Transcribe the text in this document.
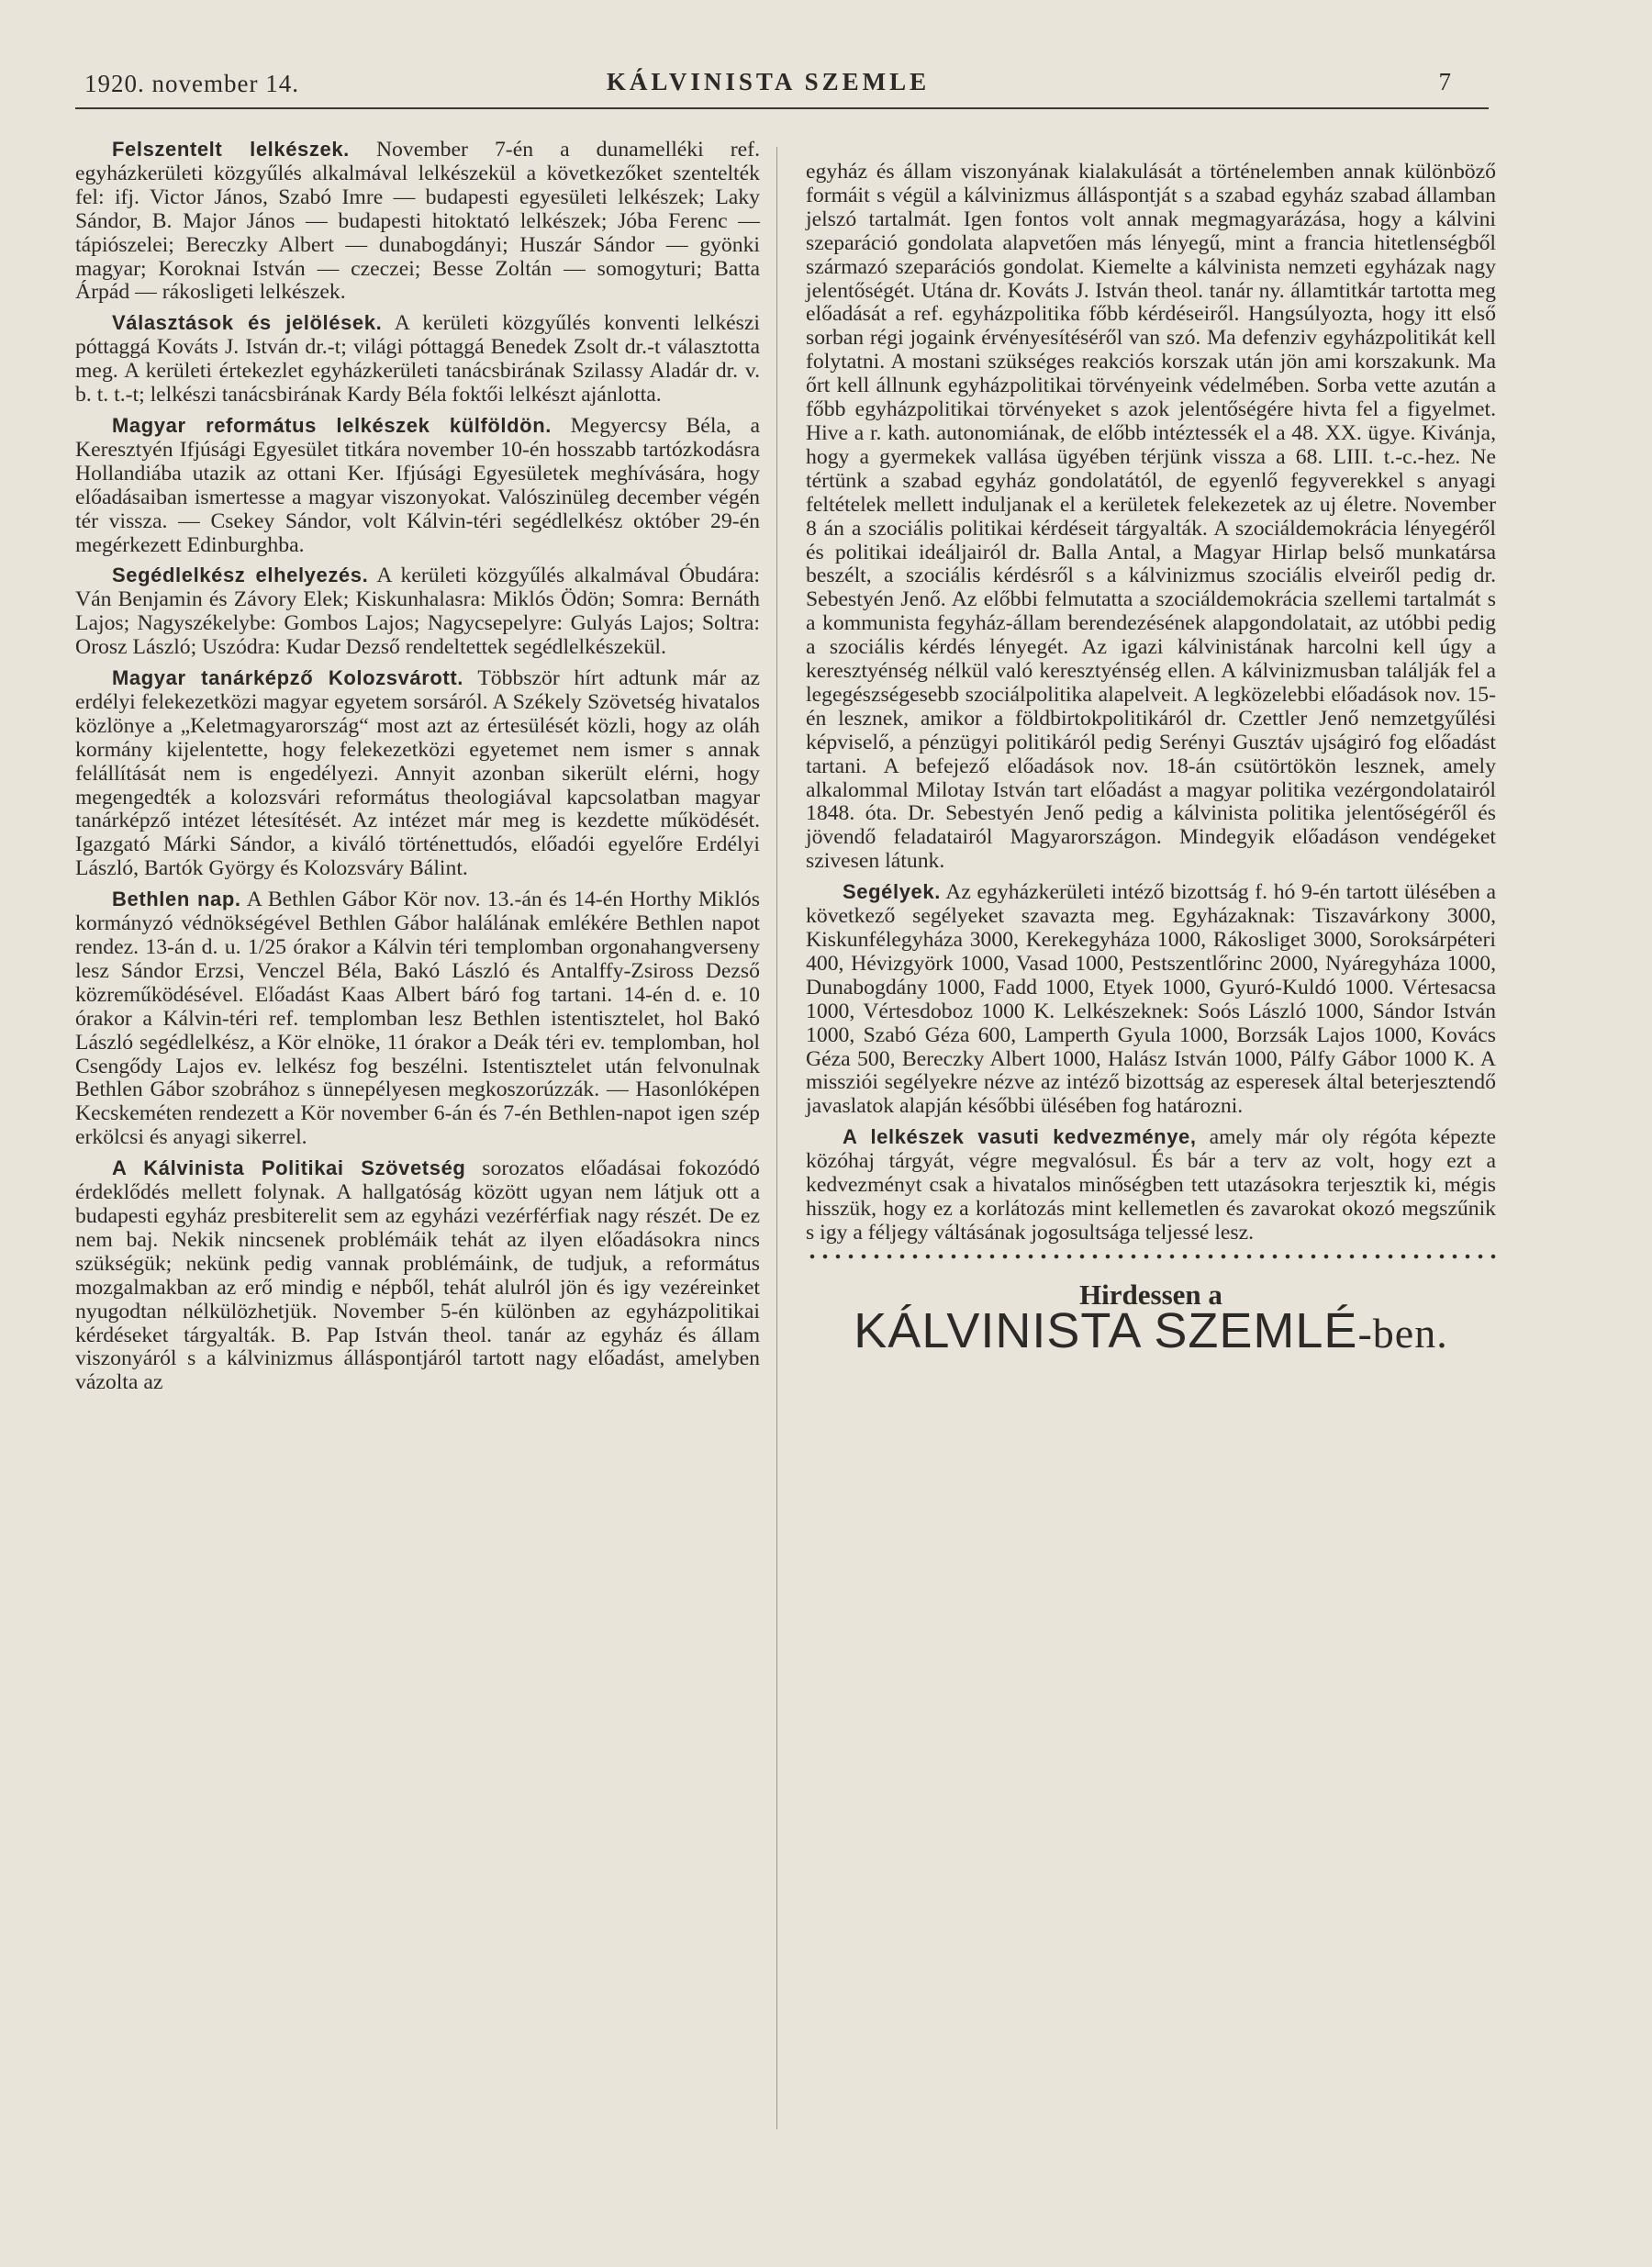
1920. november 14.	KÁLVINISTA SZEMLE	7

Felszentelt lelkészek. November 7-én a dunamelléki ref. egyházkerületi közgyűlés alkalmával lelkészekül a következőket szentelték fel: ifj. Victor János, Szabó Imre — budapesti egyesületi lelkészek; Laky Sándor, B. Major János — budapesti hitoktató lelkészek; Jóba Ferenc — tápiószelei; Bereczky Albert — dunabogdányi; Huszár Sándor — gyönki magyar; Koroknai István — czeczei; Besse Zoltán — somogyturi; Batta Árpád — rákosligeti lelkészek.

Választások és jelölések. A kerületi közgyűlés konventi lelkészi póttaggá Kováts J. István dr.-t; világi póttaggá Benedek Zsolt dr.-t választotta meg. A kerületi értekezlet egyházkerületi tanácsbirának Szilassy Aladár dr. v. b. t. t.-t; lelkészi tanácsbirának Kardy Béla foktői lelkészt ajánlotta.

Magyar református lelkészek külföldön. Megyercsy Béla, a Keresztyén Ifjúsági Egyesület titkára november 10-én hosszabb tartózkodásra Hollandiába utazik az ottani Ker. Ifjúsági Egyesületek meghívására, hogy előadásaiban ismertesse a magyar viszonyokat. Valószinüleg december végén tér vissza. — Csekey Sándor, volt Kálvin-téri segédlelkész október 29-én megérkezett Edinburghba.

Segédlelkész elhelyezés. A kerületi közgyűlés alkalmával Óbudára: Ván Benjamin és Závory Elek; Kiskunhalasra: Miklós Ödön; Somra: Bernáth Lajos; Nagyszékelybe: Gombos Lajos; Nagycsepelyre: Gulyás Lajos; Soltra: Orosz László; Uszódra: Kudar Dezső rendeltettek segédlelkészekül.

Magyar tanárképző Kolozsvárott. Többször hírt adtunk már az erdélyi felekezetközi magyar egyetem sorsáról. A Székely Szövetség hivatalos közlönye a „Keletmagyarország“ most azt az értesülését közli, hogy az oláh kormány kijelentette, hogy felekezetközi egyetemet nem ismer s annak felállítását nem is engedélyezi. Annyit azonban sikerült elérni, hogy megengedték a kolozsvári református theologiával kapcsolatban magyar tanárképző intézet létesítését. Az intézet már meg is kezdette működését. Igazgató Márki Sándor, a kiváló történettudós, előadói egyelőre Erdélyi László, Bartók György és Kolozsváry Bálint.

Bethlen nap. A Bethlen Gábor Kör nov. 13.-án és 14-én Horthy Miklós kormányzó védnökségével Bethlen Gábor halálának emlékére Bethlen napot rendez. 13-án d. u. 1/25 órakor a Kálvin téri templomban orgonahangverseny lesz Sándor Erzsi, Venczel Béla, Bakó László és Antalffy-Zsiross Dezső közreműködésével. Előadást Kaas Albert báró fog tartani. 14-én d. e. 10 órakor a Kálvin-téri ref. templomban lesz Bethlen istentisztelet, hol Bakó László segédlelkész, a Kör elnöke, 11 órakor a Deák téri ev. templomban, hol Csengődy Lajos ev. lelkész fog beszélni. Istentisztelet után felvonulnak Bethlen Gábor szobrához s ünnepélyesen megkoszorúzzák. — Hasonlóképen Kecskeméten rendezett a Kör november 6-án és 7-én Bethlen-napot igen szép erkölcsi és anyagi sikerrel.

A Kálvinista Politikai Szövetség sorozatos előadásai fokozódó érdeklődés mellett folynak. A hallgatóság között ugyan nem látjuk ott a budapesti egyház presbiterelit sem az egyházi vezérférfiak nagy részét. De ez nem baj. Nekik nincsenek problémáik tehát az ilyen előadásokra nincs szükségük; nekünk pedig vannak problémáink, de tudjuk, a református mozgalmakban az erő mindig e népből, tehát alulról jön és igy vezéreinket nyugodtan nélkülözhetjük. November 5-én különben az egyházpolitikai kérdéseket tárgyalták. B. Pap István theol. tanár az egyház és állam viszonyáról s a kálvinizmus álláspontjáról tartott nagy előadást, amelyben vázolta az

egyház és állam viszonyának kialakulását a történelemben annak különböző formáit s végül a kálvinizmus álláspontját s a szabad egyház szabad államban jelszó tartalmát. Igen fontos volt annak megmagyarázása, hogy a kálvini szeparáció gondolata alapvetően más lényegű, mint a francia hitetlenségből származó szeparációs gondolat. Kiemelte a kálvinista nemzeti egyházak nagy jelentőségét. Utána dr. Kováts J. István theol. tanár ny. államtitkár tartotta meg előadását a ref. egyházpolitika főbb kérdéseiről. Hangsúlyozta, hogy itt első sorban régi jogaink érvényesítéséről van szó. Ma defenziv egyházpolitikát kell folytatni. A mostani szükséges reakciós korszak után jön ami korszakunk. Ma őrt kell állnunk egyházpolitikai törvényeink védelmében. Sorba vette azután a főbb egyházpolitikai törvényeket s azok jelentőségére hivta fel a figyelmet. Hive a r. kath. autonomiának, de előbb intéztessék el a 48. XX. ügye. Kivánja, hogy a gyermekek vallása ügyében térjünk vissza a 68. LIII. t.-c.-hez. Ne tértünk a szabad egyház gondolatától, de egyenlő fegyverekkel s anyagi feltételek mellett induljanak el a kerületek felekezetek az uj életre. November 8 án a szociális politikai kérdéseit tárgyalták. A szociáldemokrácia lényegéről és politikai ideáljairól dr. Balla Antal, a Magyar Hirlap belső munkatársa beszélt, a szociális kérdésről s a kálvinizmus szociális elveiről pedig dr. Sebestyén Jenő. Az előbbi felmutatta a szociáldemokrácia szellemi tartalmát s a kommunista fegyház-állam berendezésének alapgondolatait, az utóbbi pedig a szociális kérdés lényegét. Az igazi kálvinistának harcolni kell úgy a keresztyénség nélkül való keresztyénség ellen. A kálvinizmusban találják fel a legegészségesebb szociálpolitika alapelveit. A legközelebbi előadások nov. 15-én lesznek, amikor a földbirtokpolitikáról dr. Czettler Jenő nemzetgyűlési képviselő, a pénzügyi politikáról pedig Serényi Gusztáv ujságiró fog előadást tartani. A befejező előadások nov. 18-án csütörtökön lesznek, amely alkalommal Milotay István tart előadást a magyar politika vezérgondolatairól 1848. óta. Dr. Sebestyén Jenő pedig a kálvinista politika jelentőségéről és jövendő feladatairól Magyarországon. Mindegyik előadáson vendégeket szivesen látunk.

Segélyek. Az egyházkerületi intéző bizottság f. hó 9-én tartott ülésében a következő segélyeket szavazta meg. Egyházaknak: Tiszavárkony 3000, Kiskunfélegyháza 3000, Kerekegyháza 1000, Rákosliget 3000, Soroksárpéteri 400, Hévizgyörk 1000, Vasad 1000, Pestszentlőrinc 2000, Nyáregyháza 1000, Dunabogdány 1000, Fadd 1000, Etyek 1000, Gyuró-Kuldó 1000. Vértesacsa 1000, Vértesdoboz 1000 K. Lelkészeknek: Soós László 1000, Sándor István 1000, Szabó Géza 600, Lamperth Gyula 1000, Borzsák Lajos 1000, Kovács Géza 500, Bereczky Albert 1000, Halász István 1000, Pálfy Gábor 1000 K. A missziói segélyekre nézve az intéző bizottság az esperesek által beterjesztendő javaslatok alapján későbbi ülésében fog határozni.

A lelkészek vasuti kedvezménye, amely már oly régóta képezte közóhaj tárgyát, végre megvalósul. És bár a terv az volt, hogy ezt a kedvezményt csak a hivatalos minőségben tett utazásokra terjesztik ki, mégis hisszük, hogy ez a korlátozás mint kellemetlen és zavarokat okozó megszűnik s igy a féljegy váltásának jogosultsága teljessé lesz.

Hirdessen a
KÁLVINISTA SZEMLÉ-ben.
